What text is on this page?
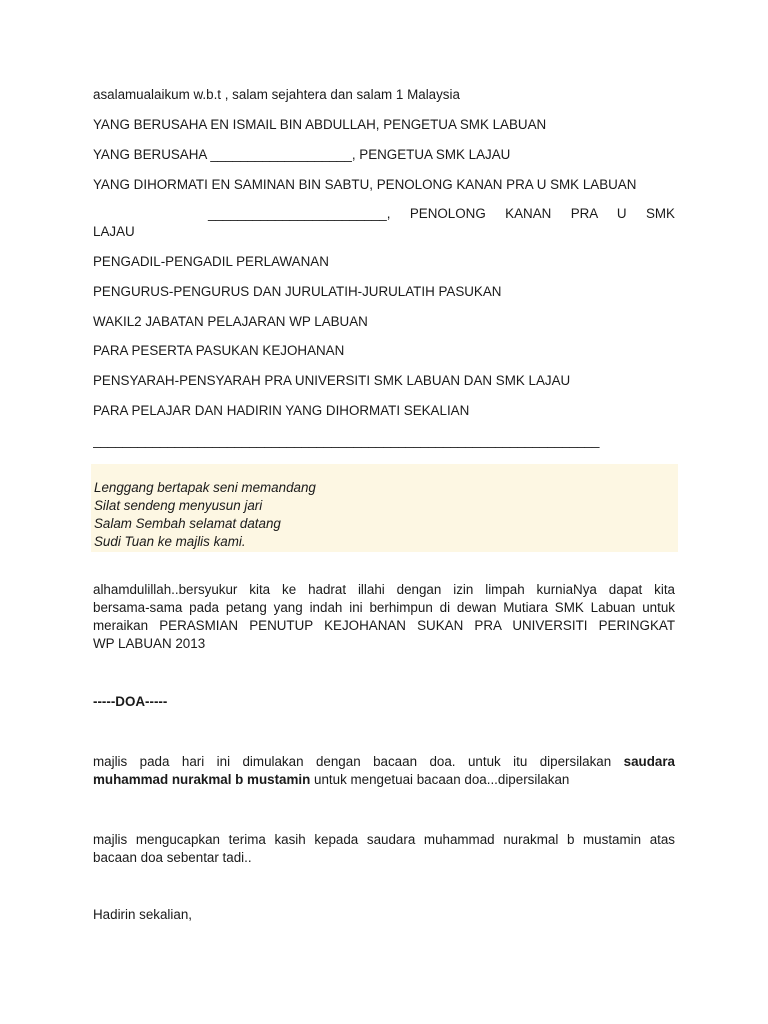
asalamualaikum w.b.t , salam sejahtera dan salam 1 Malaysia

YANG BERUSAHA EN ISMAIL BIN ABDULLAH, PENGETUA SMK LABUAN

YANG BERUSAHA ___________________, PENGETUA SMK LAJAU

YANG DIHORMATI EN SAMINAN BIN SABTU, PENOLONG KANAN PRA U SMK LABUAN

________________________, PENOLONG KANAN PRA U SMK

LAJAU

PENGADIL-PENGADIL PERLAWANAN

PENGURUS-PENGURUS DAN JURULATIH-JURULATIH PASUKAN

WAKIL2 JABATAN PELAJARAN WP LABUAN

PARA PESERTA PASUKAN KEJOHANAN

PENSYARAH-PENSYARAH PRA UNIVERSITI SMK LABUAN DAN SMK LAJAU

PARA PELAJAR DAN HADIRIN YANG DIHORMATI SEKALIAN

____________________________________________________________________
Lenggang bertapak seni memandang
Silat sendeng menyusun jari
Salam Sembah selamat datang
Sudi Tuan ke majlis kami.
alhamdulillah..bersyukur kita ke hadrat illahi dengan izin limpah kurniaNya dapat kita
bersama-sama pada petang yang indah ini berhimpun di dewan Mutiara SMK Labuan untuk
meraikan PERASMIAN PENUTUP KEJOHANAN SUKAN PRA UNIVERSITI PERINGKAT

WP LABUAN 2013

-----DOA-----

majlis pada hari ini dimulakan dengan bacaan doa. untuk itu dipersilakan saudara

muhammad nurakmal b mustamin untuk mengetuai bacaan doa...dipersilakan

majlis mengucapkan terima kasih kepada saudara muhammad nurakmal b mustamin atas

bacaan doa sebentar tadi..

Hadirin sekalian,
